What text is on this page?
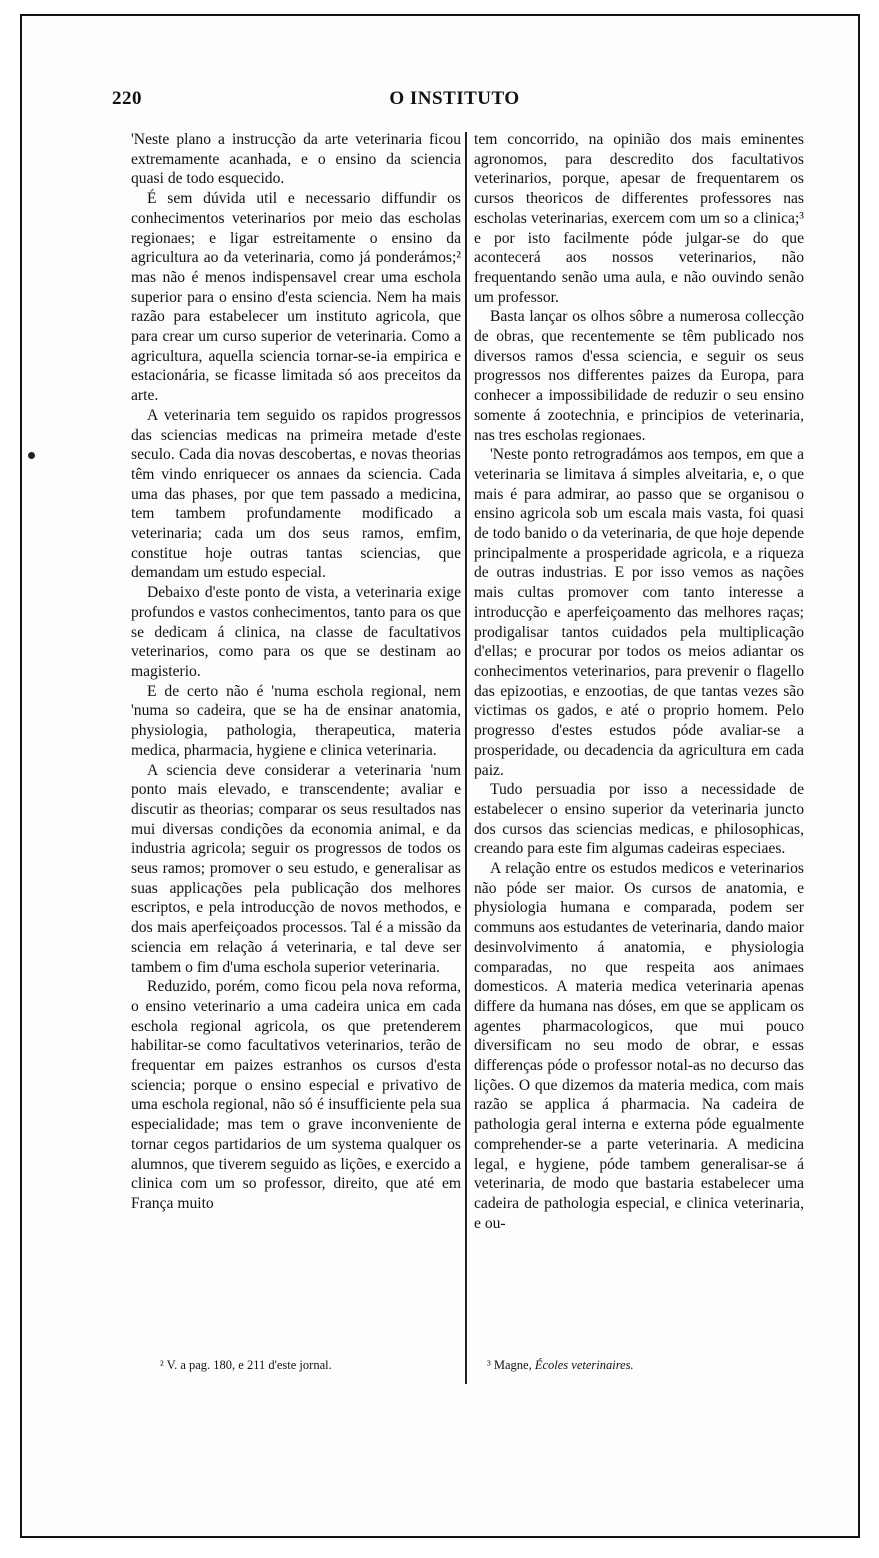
220	O INSTITUTO

'Neste plano a instrucção da arte veterinaria ficou extremamente acanhada, e o ensino da sciencia quasi de todo esquecido.

É sem dúvida util e necessario diffundir os conhecimentos veterinarios por meio das escholas regionaes; e ligar estreitamente o ensino da agricultura ao da veterinaria, como já ponderámos;² mas não é menos indispensavel crear uma eschola superior para o ensino d'esta sciencia. Nem ha mais razão para estabelecer um instituto agricola, que para crear um curso superior de veterinaria. Como a agricultura, aquella sciencia tornar-se-ia empirica e estacionária, se ficasse limitada só aos preceitos da arte.

A veterinaria tem seguido os rapidos progressos das sciencias medicas na primeira metade d'este seculo. Cada dia novas descobertas, e novas theorias têm vindo enriquecer os annaes da sciencia. Cada uma das phases, por que tem passado a medicina, tem tambem profundamente modificado a veterinaria; cada um dos seus ramos, emfim, constitue hoje outras tantas sciencias, que demandam um estudo especial.

Debaixo d'este ponto de vista, a veterinaria exige profundos e vastos conhecimentos, tanto para os que se dedicam á clinica, na classe de facultativos veterinarios, como para os que se destinam ao magisterio.

E de certo não é 'numa eschola regional, nem 'numa so cadeira, que se ha de ensinar anatomia, physiologia, pathologia, therapeutica, materia medica, pharmacia, hygiene e clinica veterinaria.

A sciencia deve considerar a veterinaria 'num ponto mais elevado, e transcendente; avaliar e discutir as theorias; comparar os seus resultados nas mui diversas condições da economia animal, e da industria agricola; seguir os progressos de todos os seus ramos; promover o seu estudo, e generalisar as suas applicações pela publicação dos melhores escriptos, e pela introducção de novos methodos, e dos mais aperfeiçoados processos. Tal é a missão da sciencia em relação á veterinaria, e tal deve ser tambem o fim d'uma eschola superior veterinaria.

Reduzido, porém, como ficou pela nova reforma, o ensino veterinario a uma cadeira unica em cada eschola regional agricola, os que pretenderem habilitar-se como facultativos veterinarios, terão de frequentar em paizes estranhos os cursos d'esta sciencia; porque o ensino especial e privativo de uma eschola regional, não só é insufficiente pela sua especialidade; mas tem o grave inconveniente de tornar cegos partidarios de um systema qualquer os alumnos, que tiverem seguido as lições, e exercido a clinica com um so professor, direito, que até em França muito

tem concorrido, na opinião dos mais eminentes agronomos, para descredito dos facultativos veterinarios, porque, apesar de frequentarem os cursos theoricos de differentes professores nas escholas veterinarias, exercem com um so a clinica;³ e por isto facilmente póde julgar-se do que acontecerá aos nossos veterinarios, não frequentando senão uma aula, e não ouvindo senão um professor.

Basta lançar os olhos sôbre a numerosa collecção de obras, que recentemente se têm publicado nos diversos ramos d'essa sciencia, e seguir os seus progressos nos differentes paizes da Europa, para conhecer a impossibilidade de reduzir o seu ensino somente á zootechnia, e principios de veterinaria, nas tres escholas regionaes.

'Neste ponto retrogradámos aos tempos, em que a veterinaria se limitava á simples alveitaria, e, o que mais é para admirar, ao passo que se organisou o ensino agricola sob um escala mais vasta, foi quasi de todo banido o da veterinaria, de que hoje depende principalmente a prosperidade agricola, e a riqueza de outras industrias. E por isso vemos as nações mais cultas promover com tanto interesse a introducção e aperfeiçoamento das melhores raças; prodigalisar tantos cuidados pela multiplicação d'ellas; e procurar por todos os meios adiantar os conhecimentos veterinarios, para prevenir o flagello das epizootias, e enzootias, de que tantas vezes são victimas os gados, e até o proprio homem. Pelo progresso d'estes estudos póde avaliar-se a prosperidade, ou decadencia da agricultura em cada paiz.

Tudo persuadia por isso a necessidade de estabelecer o ensino superior da veterinaria juncto dos cursos das sciencias medicas, e philosophicas, creando para este fim algumas cadeiras especiaes.

A relação entre os estudos medicos e veterinarios não póde ser maior. Os cursos de anatomia, e physiologia humana e comparada, podem ser communs aos estudantes de veterinaria, dando maior desinvolvimento á anatomia, e physiologia comparadas, no que respeita aos animaes domesticos. A materia medica veterinaria apenas differe da humana nas dóses, em que se applicam os agentes pharmacologicos, que mui pouco diversificam no seu modo de obrar, e essas differenças póde o professor notal-as no decurso das lições. O que dizemos da materia medica, com mais razão se applica á pharmacia. Na cadeira de pathologia geral interna e externa póde egualmente comprehender-se a parte veterinaria. A medicina legal, e hygiene, póde tambem generalisar-se á veterinaria, de modo que bastaria estabelecer uma cadeira de pathologia especial, e clinica veterinaria, e ou-

² V. a pag. 180, e 211 d'este jornal.	³ Magne, Écoles veterinaires.
